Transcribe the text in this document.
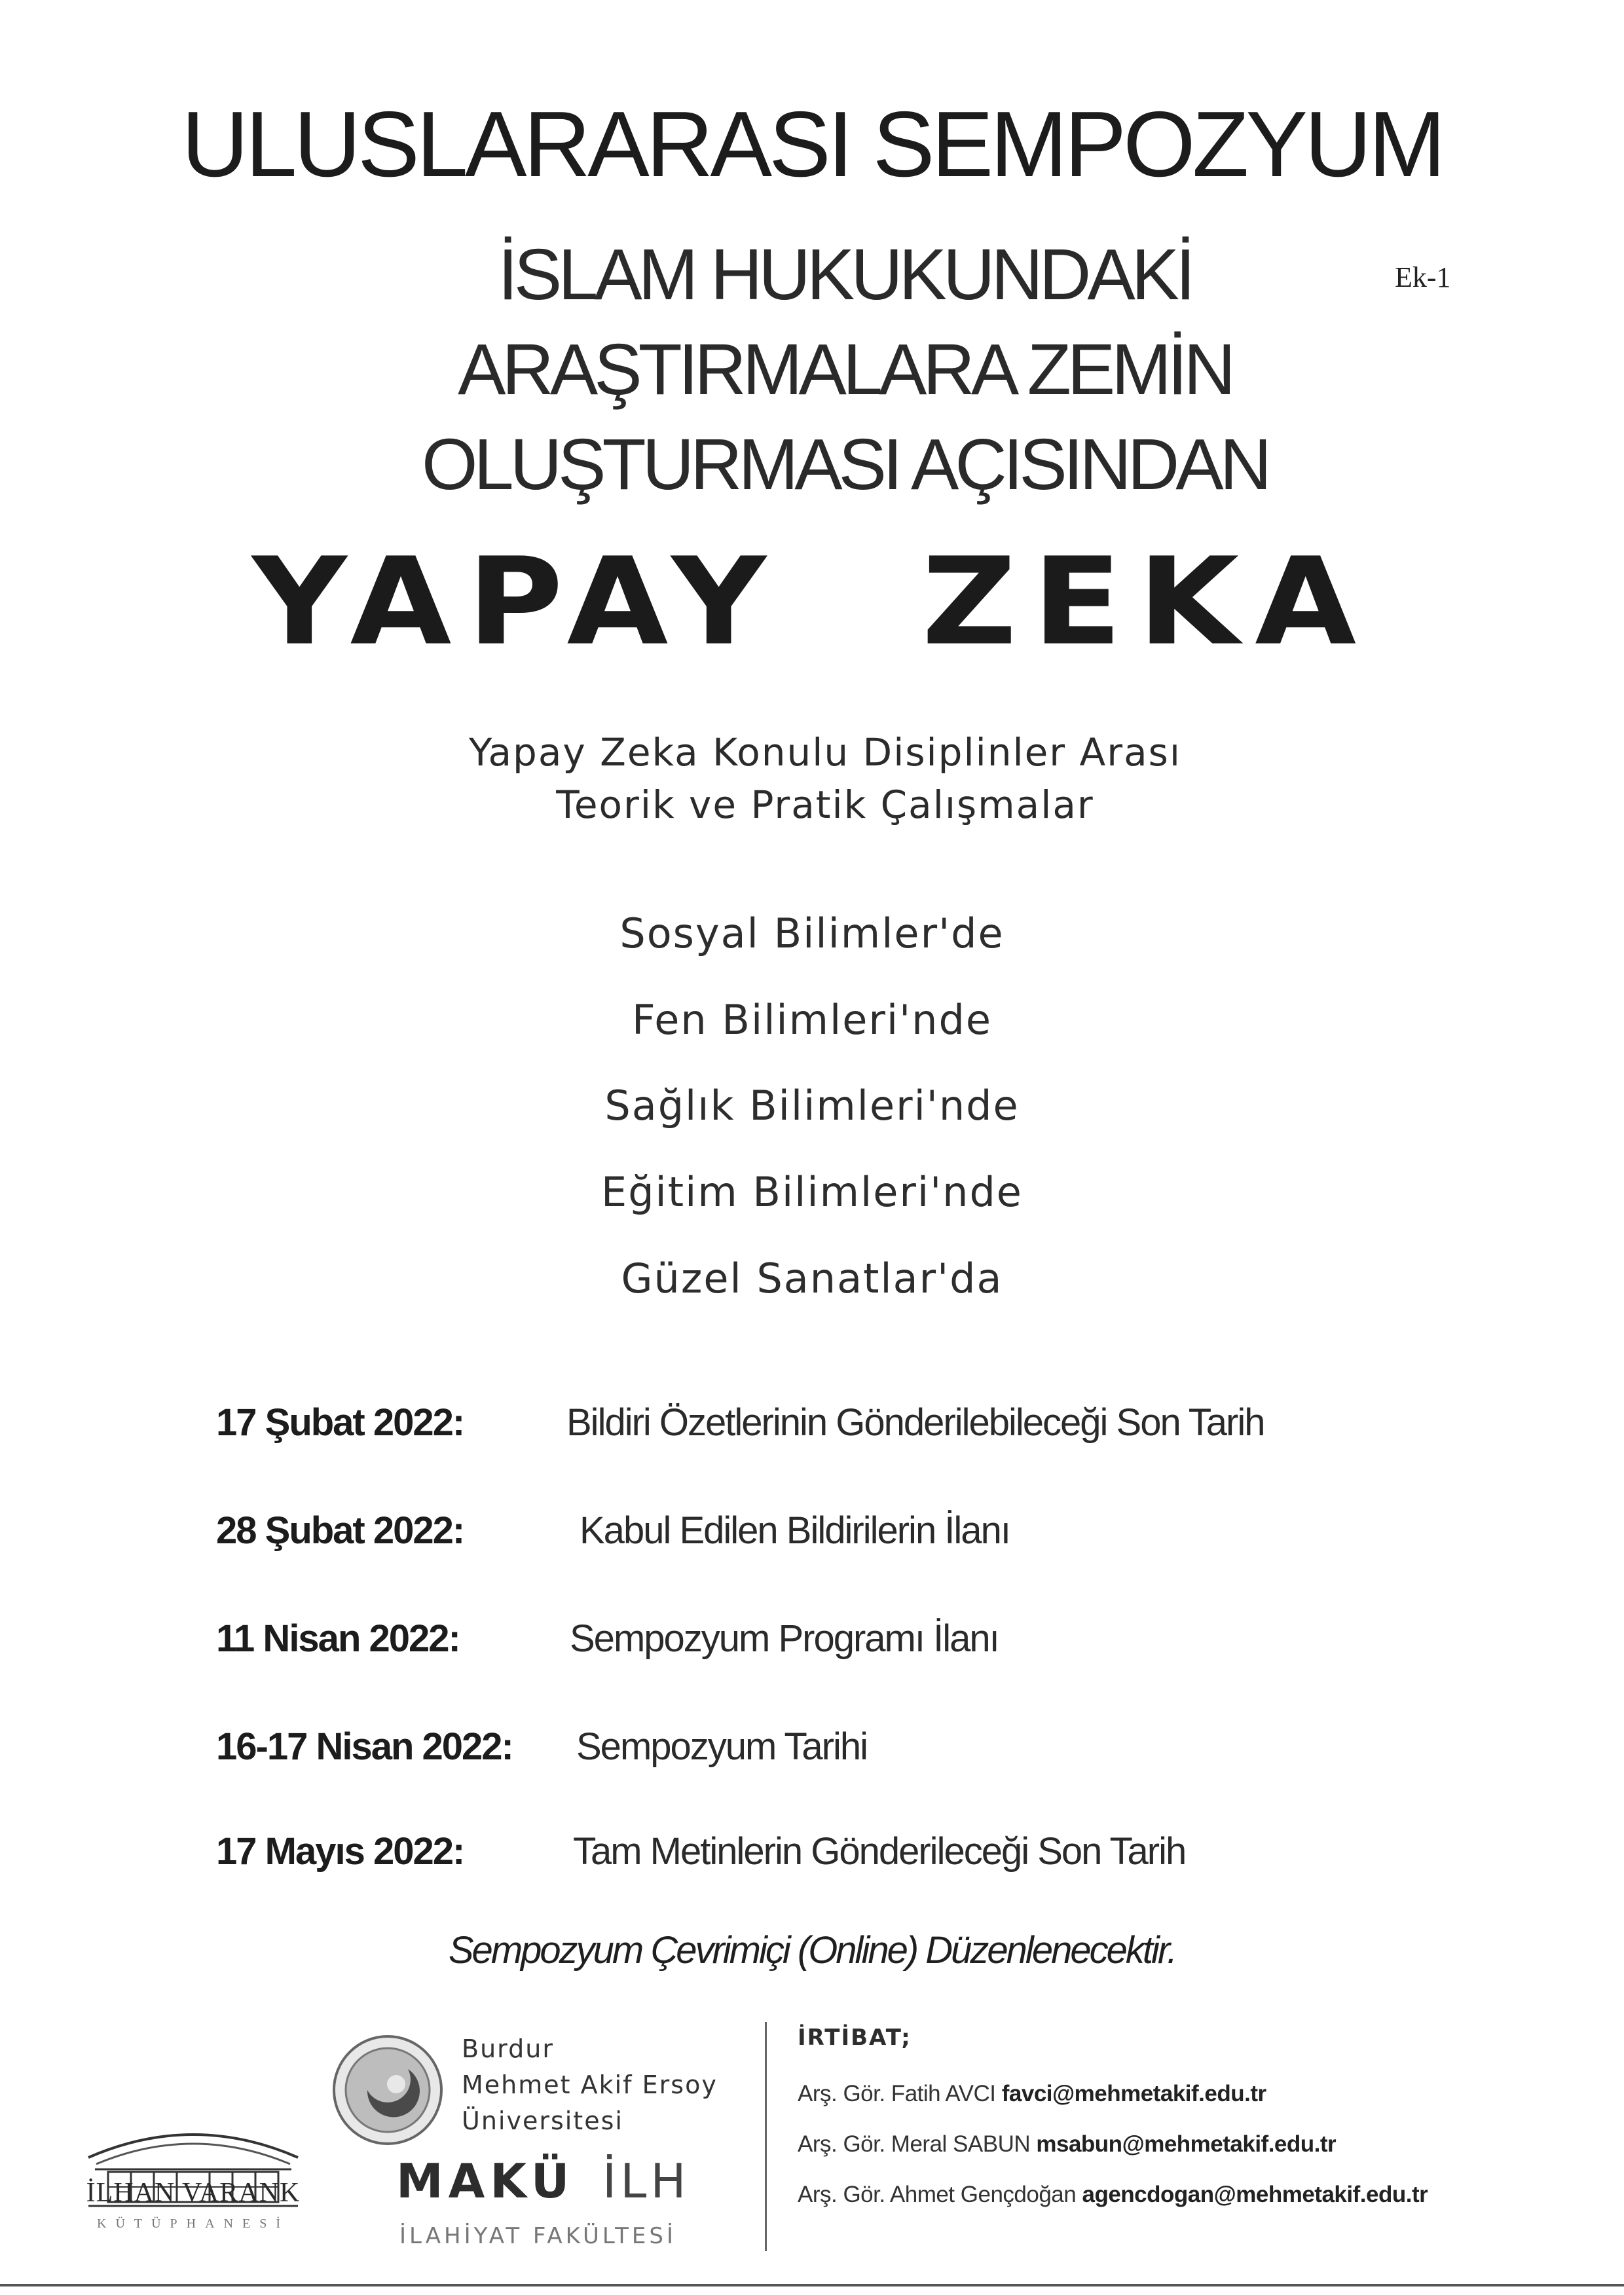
ULUSLARARASI SEMPOZYUM
Ek-1
İSLAM HUKUKUNDAKİ
ARAŞTIRMALARA ZEMİN
OLUŞTURMASI AÇISINDAN
YAPAY ZEKA
Yapay Zeka Konulu Disiplinler Arası
Teorik ve Pratik Çalışmalar
Sosyal Bilimler'de
Fen Bilimleri'nde
Sağlık Bilimleri'nde
Eğitim Bilimleri'nde
Güzel Sanatlar'da
17 Şubat 2022:	Bildiri Özetlerinin Gönderilebileceği Son Tarih
28 Şubat 2022:	Kabul Edilen Bildirilerin İlanı
11 Nisan 2022:	Sempozyum Programı İlanı
16-17 Nisan 2022: Sempozyum Tarihi
17 Mayıs 2022:	Tam Metinlerin Gönderileceği Son Tarih
Sempozyum Çevrimiçi (Online) Düzenlenecektir.
İLHAN VARANK
KÜTÜPHANESİ
Burdur
Mehmet Akif Ersoy
Üniversitesi
MAKÜ İLH
İLAHİYAT FAKÜLTESİ
İRTİBAT;
Arş. Gör. Fatih AVCI favci@mehmetakif.edu.tr
Arş. Gör. Meral SABUN msabun@mehmetakif.edu.tr
Arş. Gör. Ahmet Gençdoğan agencdogan@mehmetakif.edu.tr
